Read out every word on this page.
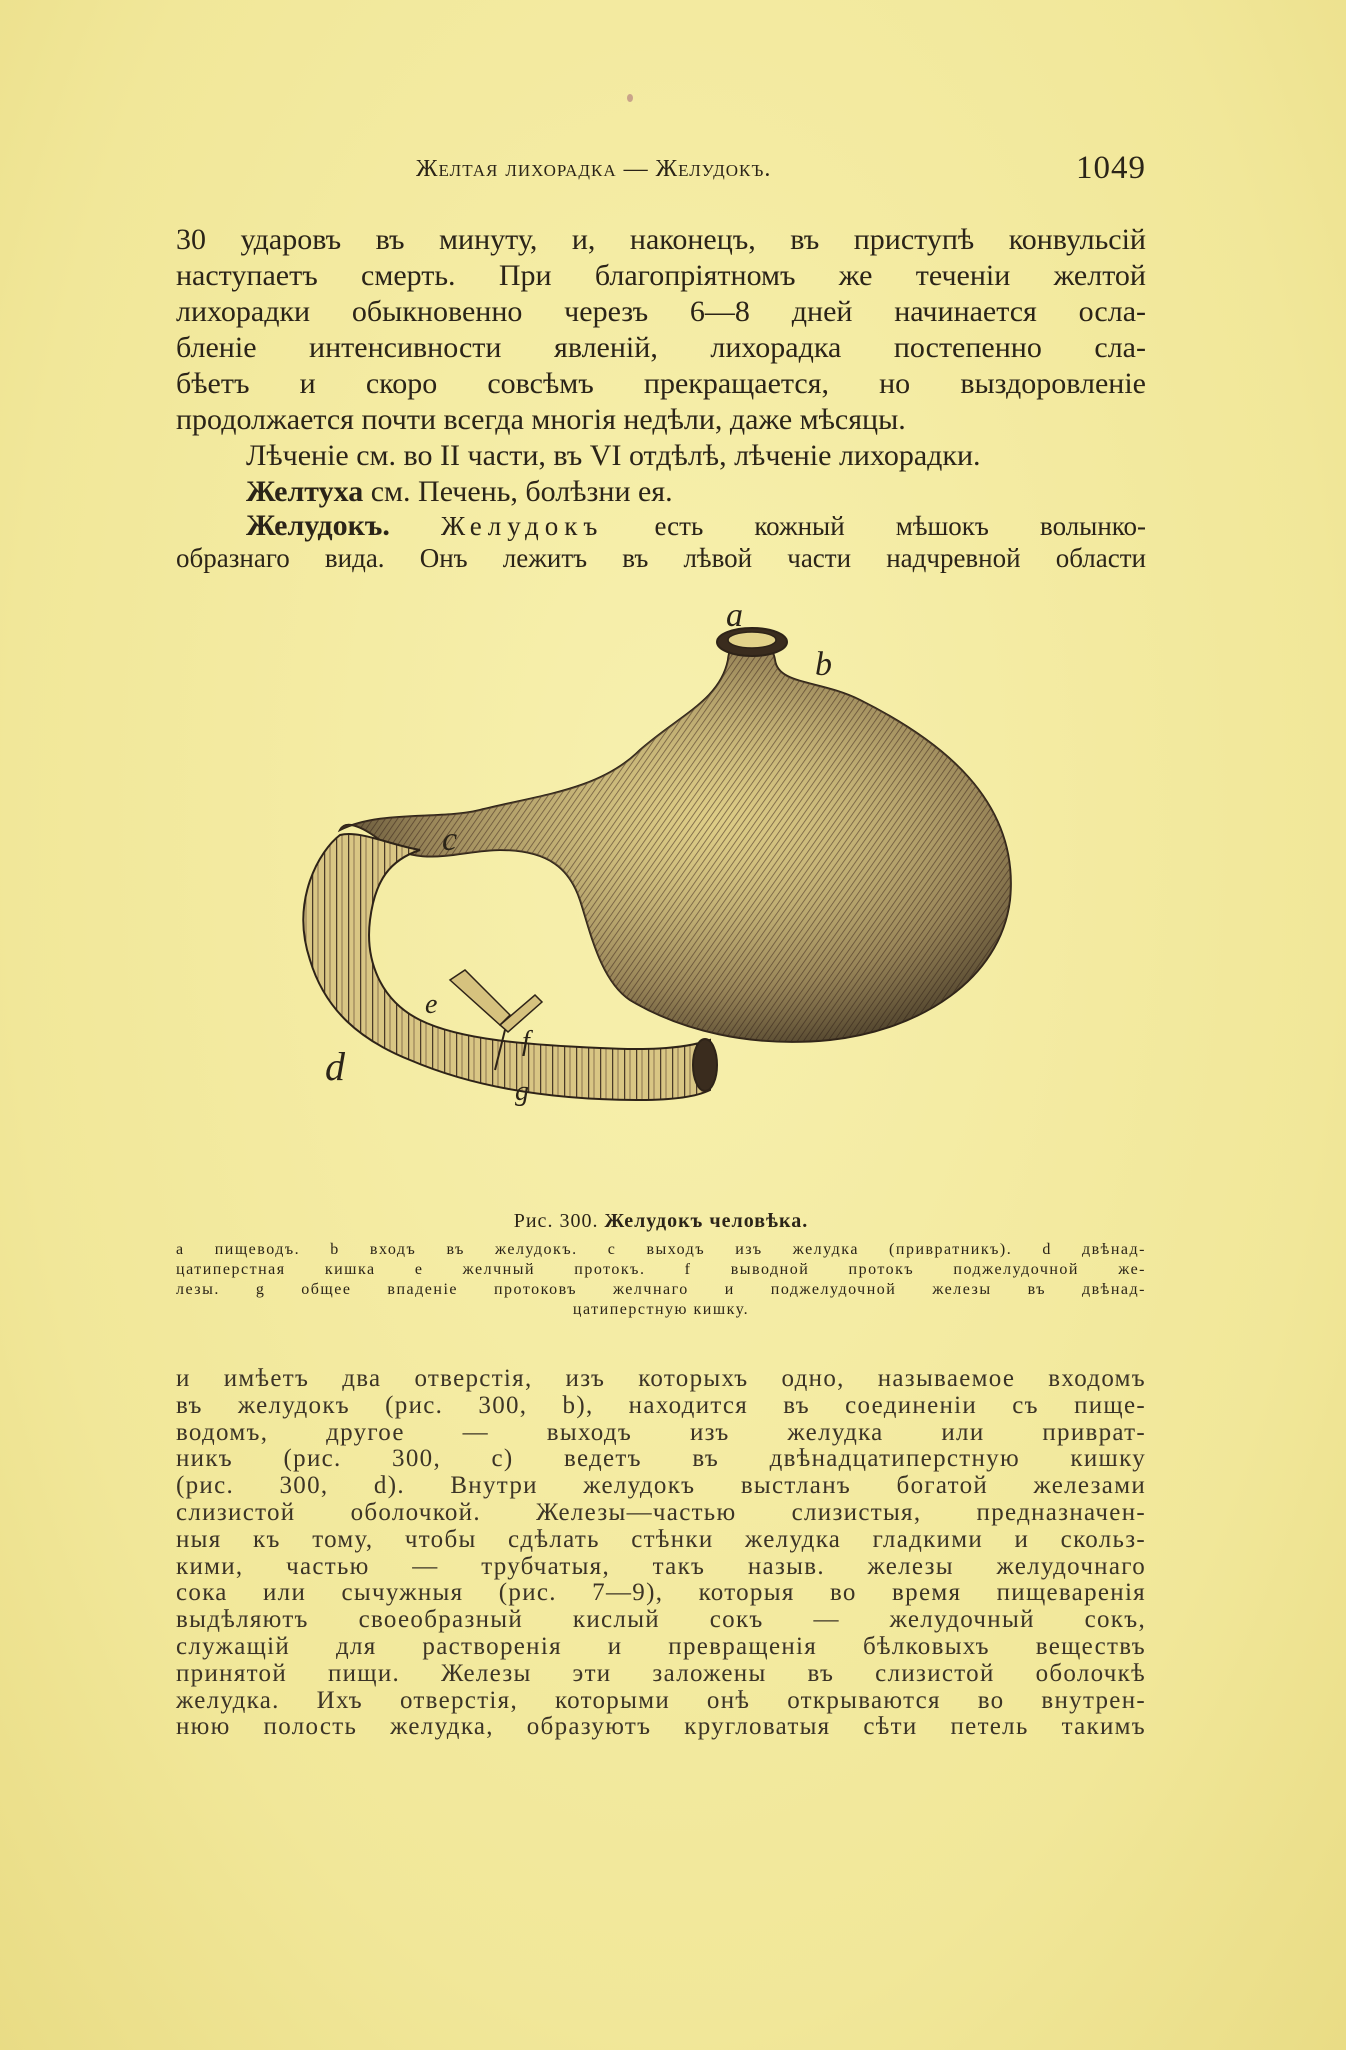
Желтая лихорадка — Желудокъ.	1049

30 ударовъ въ минуту, и, наконецъ, въ приступѣ конвульсій

наступаетъ смерть. При благопріятномъ же теченіи желтой

лихорадки обыкновенно черезъ 6—8 дней начинается осла-

бленіе интенсивности явленій, лихорадка постепенно сла-

бѣетъ и скоро совсѣмъ прекращается, но выздоровленіе

продолжается почти всегда многія недѣли, даже мѣсяцы.

Лѣченіе см. во II части, въ VI отдѣлѣ, лѣченіе лихорадки.

Желтуха см. Печень, болѣзни ея.

Желудокъ. Желудокъ есть кожный мѣшокъ волынко-

образнаго вида. Онъ лежитъ въ лѣвой части надчревной области

a
b
c
d
e
f
g
Рис. 300. Желудокъ человѣка.

a пищеводъ. b входъ въ желудокъ. c выходъ изъ желудка (привратникъ). d двѣнад-

цатиперстная кишка e желчный протокъ. f выводной протокъ поджелудочной же-

лезы. g общее впаденіе протоковъ желчнаго и поджелудочной железы въ двѣнад-

цатиперстную кишку.

и имѣетъ два отверстія, изъ которыхъ одно, называемое входомъ

въ желудокъ (рис. 300, b), находится въ соединеніи съ пище-

водомъ, другое — выходъ изъ желудка или приврат-

никъ (рис. 300, c) ведетъ въ двѣнадцатиперстную кишку

(рис. 300, d). Внутри желудокъ выстланъ богатой железами

слизистой оболочкой. Железы—частью слизистыя, предназначен-

ныя къ тому, чтобы сдѣлать стѣнки желудка гладкими и скольз-

кими, частью — трубчатыя, такъ назыв. железы желудочнаго

сока или сычужныя (рис. 7—9), которыя во время пищеваренія

выдѣляютъ своеобразный кислый сокъ — желудочный сокъ,

служащій для растворенія и превращенія бѣлковыхъ веществъ

принятой пищи. Железы эти заложены въ слизистой оболочкѣ

желудка. Ихъ отверстія, которыми онѣ открываются во внутрен-

нюю полость желудка, образуютъ кругловатыя сѣти петель такимъ
